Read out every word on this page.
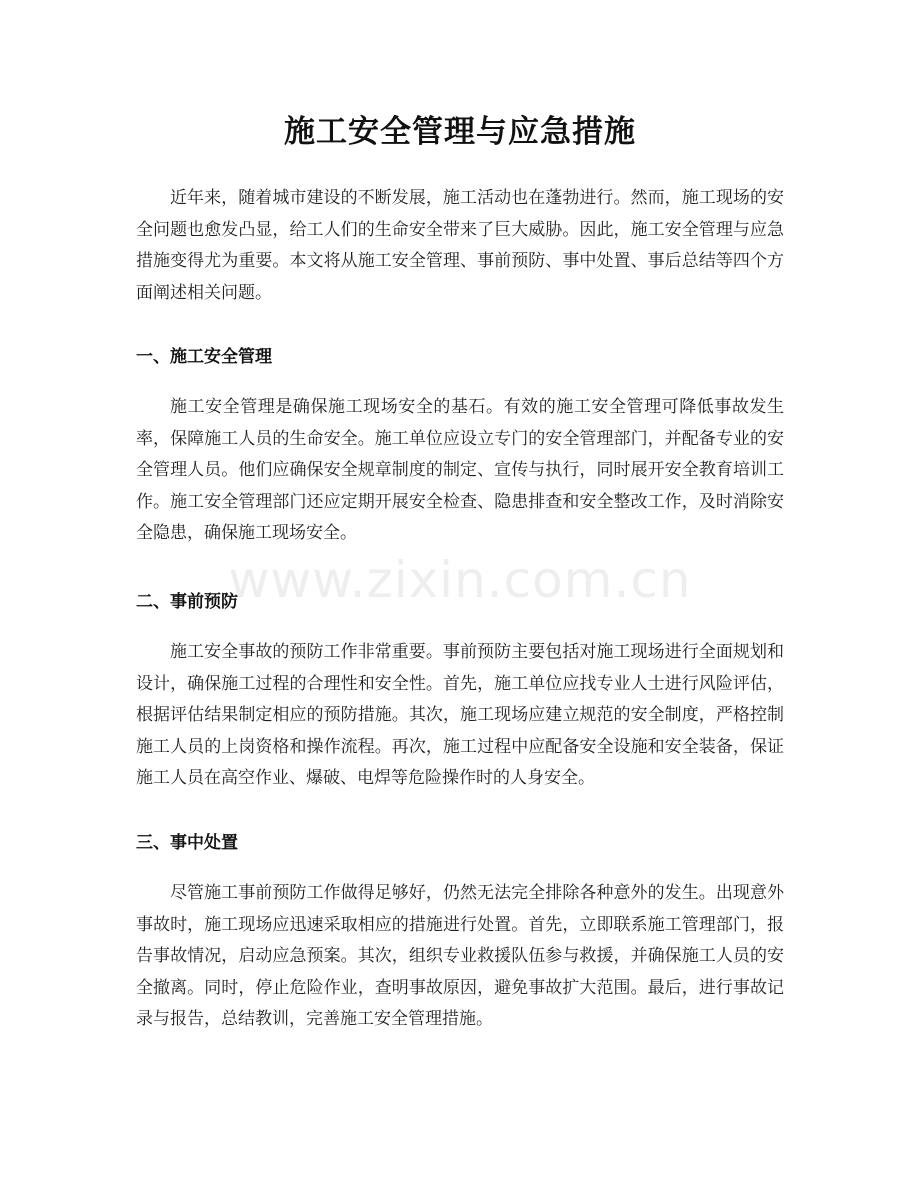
施工安全管理与应急措施

近年来，随着城市建设的不断发展，施工活动也在蓬勃进行。然而，施工现场的安全问题也愈发凸显，给工人们的生命安全带来了巨大威胁。因此，施工安全管理与应急措施变得尤为重要。本文将从施工安全管理、事前预防、事中处置、事后总结等四个方面阐述相关问题。

一、施工安全管理

施工安全管理是确保施工现场安全的基石。有效的施工安全管理可降低事故发生率，保障施工人员的生命安全。施工单位应设立专门的安全管理部门，并配备专业的安全管理人员。他们应确保安全规章制度的制定、宣传与执行，同时展开安全教育培训工作。施工安全管理部门还应定期开展安全检查、隐患排查和安全整改工作，及时消除安全隐患，确保施工现场安全。

二、事前预防

施工安全事故的预防工作非常重要。事前预防主要包括对施工现场进行全面规划和设计，确保施工过程的合理性和安全性。首先，施工单位应找专业人士进行风险评估， 根据评估结果制定相应的预防措施。其次，施工现场应建立规范的安全制度，严格控制施工人员的上岗资格和操作流程。再次，施工过程中应配备安全设施和安全装备，保证施工人员在高空作业、爆破、电焊等危险操作时的人身安全。

三、事中处置

尽管施工事前预防工作做得足够好，仍然无法完全排除各种意外的发生。出现意外事故时，施工现场应迅速采取相应的措施进行处置。首先，立即联系施工管理部门，报告事故情况，启动应急预案。其次，组织专业救援队伍参与救援，并确保施工人员的安全撤离。同时，停止危险作业，查明事故原因，避免事故扩大范围。最后，进行事故记录与报告，总结教训，完善施工安全管理措施。

www.zixin.com.cn
